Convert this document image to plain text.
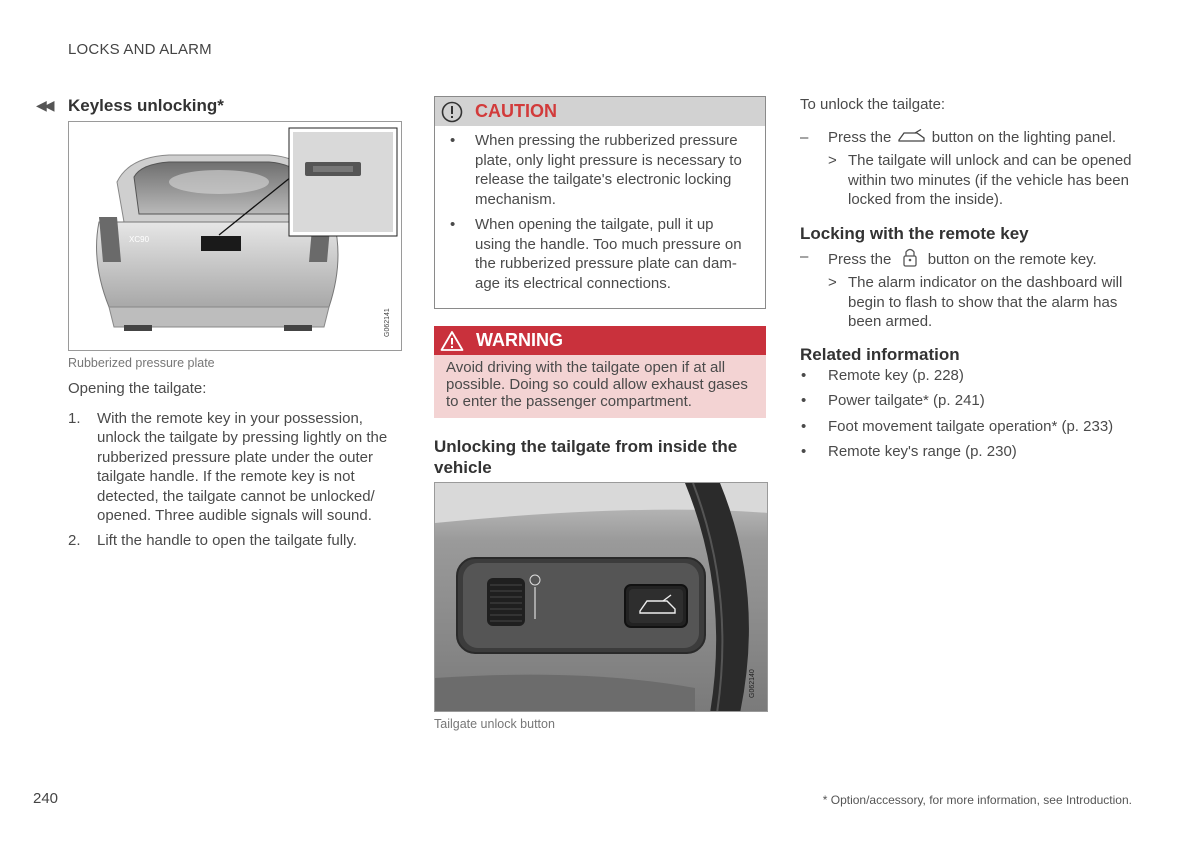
LOCKS AND ALARM
◀◀ Keyless unlocking*
XC90
G062141
Rubberized pressure plate

Opening the tailgate:

1. With the remote key in your possession, unlock the tailgate by pressing lightly on the rubberized pressure plate under the outer tailgate handle. If the remote key is not detected, the tailgate cannot be unlocked/ opened. Three audible signals will sound.
2. Lift the handle to open the tailgate fully.
CAUTION

• When pressing the rubberized pressure plate, only light pressure is necessary to release the tailgate's electronic locking mechanism.

• When opening the tailgate, pull it up using the handle. Too much pressure on the rubberized pressure plate can dam- age its electrical connections.

WARNING

Avoid driving with the tailgate open if at all possible. Doing so could allow exhaust gases to enter the passenger compartment.

Unlocking the tailgate from inside the vehicle
G062140
Tailgate unlock button

To unlock the tailgate:

– Press the	button on the lighting panel.

> The tailgate will unlock and can be opened within two minutes (if the vehicle has been locked from the inside).

Locking with the remote key

– Press the button on the remote key.

> The alarm indicator on the dashboard will begin to flash to show that the alarm has been armed.

Related information
• Remote key (p. 228)
• Power tailgate* (p. 241)
• Foot movement tailgate operation* (p. 233)
• Remote key's range (p. 230)
240	* Option/accessory, for more information, see Introduction.
